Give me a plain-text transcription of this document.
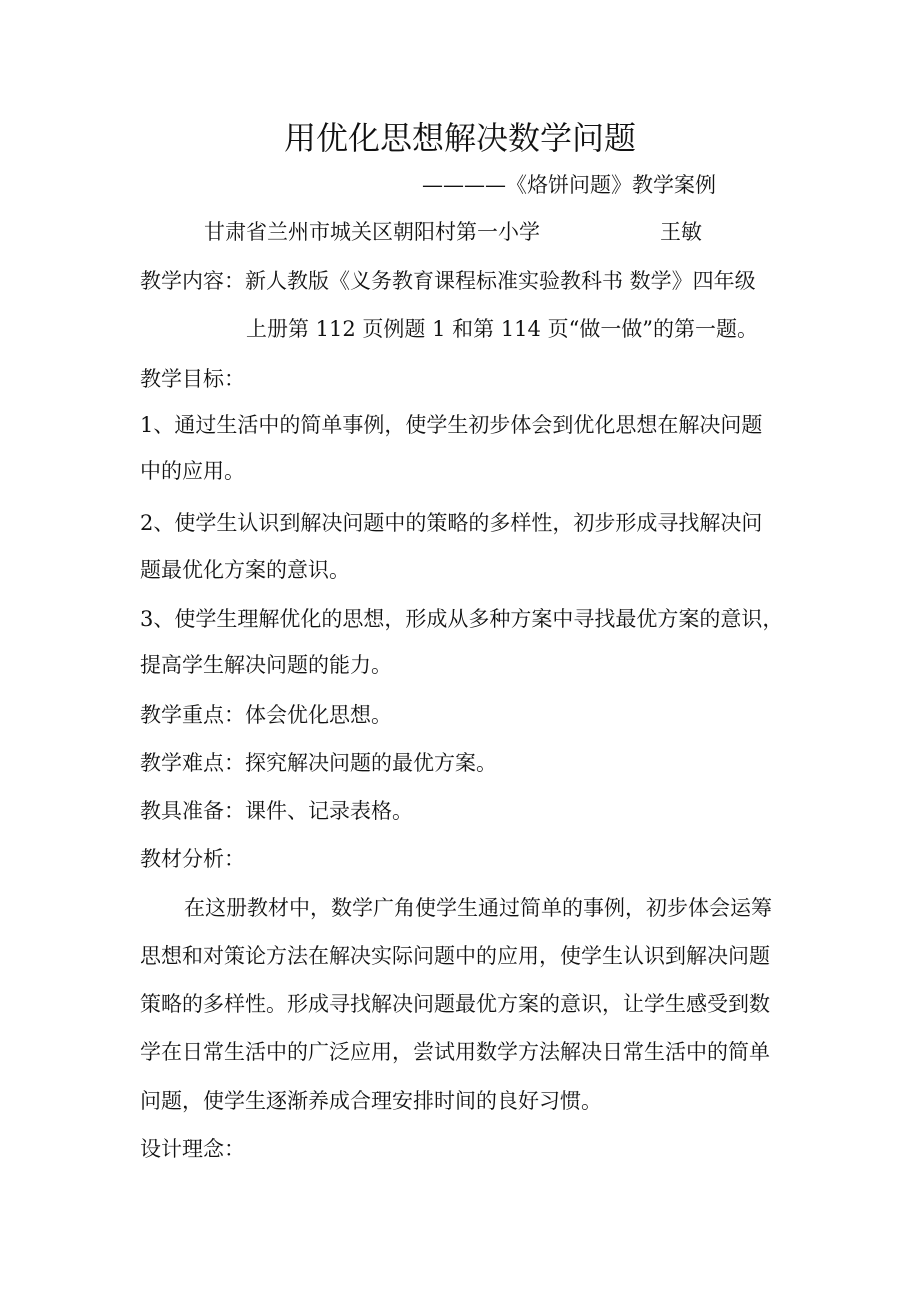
用优化思想解决数学问题
————《烙饼问题》教学案例
甘肃省兰州市城关区朝阳村第一小学	王敏
教学内容：新人教版《义务教育课程标准实验教科书 数学》四年级
上册第 112 页例题 1 和第 114 页“做一做”的第一题。
教学目标：
1、通过生活中的简单事例，使学生初步体会到优化思想在解决问题
中的应用。
2、使学生认识到解决问题中的策略的多样性，初步形成寻找解决问
题最优化方案的意识。
3、使学生理解优化的思想，形成从多种方案中寻找最优方案的意识，
提高学生解决问题的能力。
教学重点：体会优化思想。
教学难点：探究解决问题的最优方案。
教具准备：课件、记录表格。
教材分析：
在这册教材中，数学广角使学生通过简单的事例，初步体会运筹
思想和对策论方法在解决实际问题中的应用，使学生认识到解决问题
策略的多样性。形成寻找解决问题最优方案的意识，让学生感受到数
学在日常生活中的广泛应用，尝试用数学方法解决日常生活中的简单
问题，使学生逐渐养成合理安排时间的良好习惯。
设计理念：
